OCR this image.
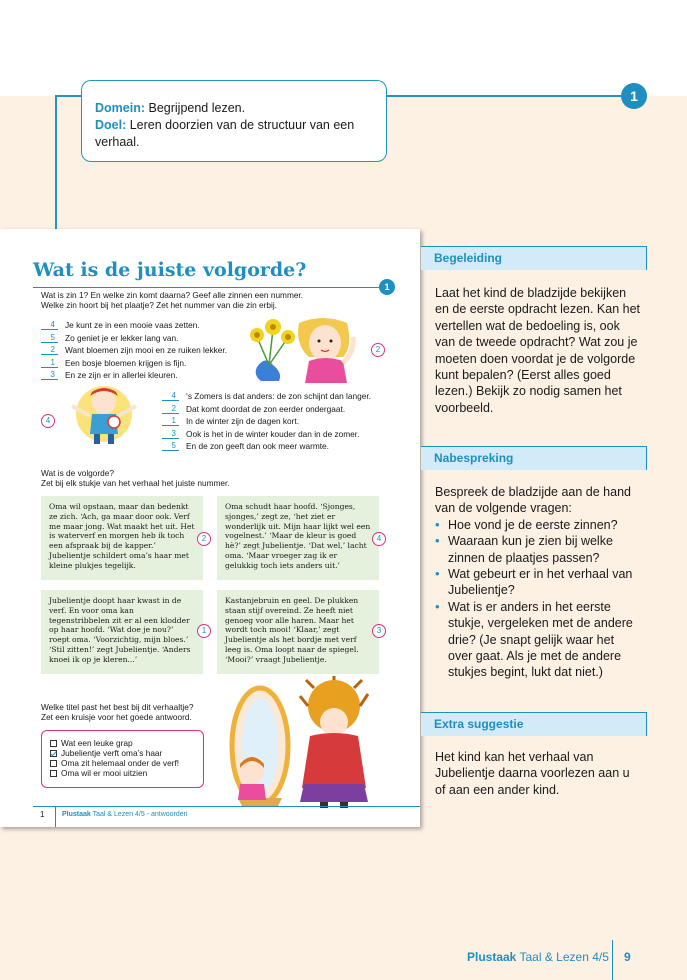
Domein: Begrijpend lezen.
Doel: Leren doorzien van de structuur van een verhaal.
1
Wat is de juiste volgorde?
1
Wat is zin 1? En welke zin komt daarna? Geef alle zinnen een nummer.
Welke zin hoort bij het plaatje? Zet het nummer van die zin erbij.
4	Je kunt ze in een mooie vaas zetten.
5	Zo geniet je er lekker lang van.
2	Want bloemen zijn mooi en ze ruiken lekker.
1	Een bosje bloemen krijgen is fijn.
3	En ze zijn er in allerlei kleuren.
2
4
4	‘s Zomers is dat anders: de zon schijnt dan langer.
2	Dat komt doordat de zon eerder ondergaat.
1	In de winter zijn de dagen kort.
3	Ook is het in de winter kouder dan in de zomer.
5	En de zon geeft dan ook meer warmte.
Wat is de volgorde?
Zet bij elk stukje van het verhaal het juiste nummer.
Oma wil opstaan, maar dan bedenkt ze zich. ‘Ach, ga maar door ook. Verf me maar jong. Wat maakt het uit. Het is waterverf en morgen heb ik toch een afspraak bij de kapper.’ Jubelientje schildert oma’s haar met kleine plukjes tegelijk.
2
Oma schudt haar hoofd. ‘Sjonges, sjonges,’ zegt ze, ‘het ziet er wonderlijk uit. Mijn haar lijkt wel een vogelnest.’ ‘Maar de kleur is goed hè?’ zegt Jubelientje. ‘Dat wel,’ lacht oma. ‘Maar vroeger zag ik er gelukkig toch iets anders uit.’
4
Jubelientje doopt haar kwast in de verf. En voor oma kan tegenstribbelen zit er al een klodder op haar hoofd. ‘Wat doe je nou?’ roept oma. ‘Voorzichtig, mijn bloes.’ ‘Stil zitten!’ zegt Jubelientje. ‘Anders knoei ik op je kleren...’
1
Kastanjebruin en geel. De plukken staan stijf overeind. Ze heeft niet genoeg voor alle haren. Maar het wordt toch mooi! ‘Klaar,’ zegt Jubelientje als het bordje met verf leeg is. Oma loopt naar de spiegel. ‘Mooi?’ vraagt Jubelientje.
3
Welke titel past het best bij dit verhaaltje?
Zet een kruisje voor het goede antwoord.
Wat een leuke grap
Jubelientje verft oma’s haar
Oma zit helemaal onder de verf!
Oma wil er mooi uitzien
1	Plustaak Taal & Lezen 4/5 - antwoorden
Begeleiding
Laat het kind de bladzijde bekijken en de eerste opdracht lezen. Kan het vertellen wat de bedoeling is, ook van de tweede opdracht? Wat zou je moeten doen voordat je de volgorde kunt bepalen? (Eerst alles goed lezen.) Bekijk zo nodig samen het voorbeeld.
Nabespreking
Bespreek de bladzijde aan de hand van de volgende vragen:
• Hoe vond je de eerste zinnen?
• Waaraan kun je zien bij welke zinnen de plaatjes passen?
• Wat gebeurt er in het verhaal van Jubelientje?
• Wat is er anders in het eerste stukje, vergeleken met de andere drie? (Je snapt gelijk waar het over gaat. Als je met de andere stukjes begint, lukt dat niet.)
Extra suggestie
Het kind kan het verhaal van Jubelientje daarna voorlezen aan u of aan een ander kind.
Plustaak Taal & Lezen 4/5 9
